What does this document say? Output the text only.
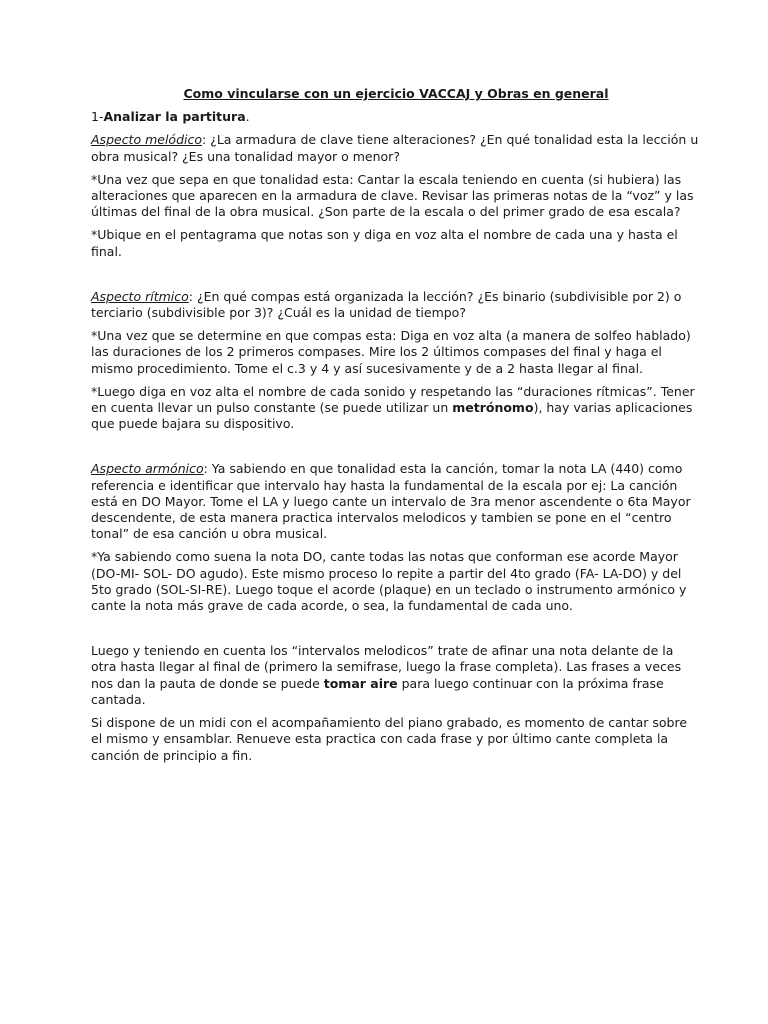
Como vincularse con un ejercicio VACCAJ y Obras en general

1-Analizar la partitura.

Aspecto melódico: ¿La armadura de clave tiene alteraciones? ¿En qué tonalidad esta la lección u obra musical? ¿Es una tonalidad mayor o menor?

*Una vez que sepa en que tonalidad esta: Cantar la escala teniendo en cuenta (si hubiera) las alteraciones que aparecen en la armadura de clave. Revisar las primeras notas de la “voz” y las últimas del final de la obra musical. ¿Son parte de la escala o del primer grado de esa escala?

*Ubique en el pentagrama que notas son y diga en voz alta el nombre de cada una y hasta el final.

Aspecto rítmico: ¿En qué compas está organizada la lección? ¿Es binario (subdivisible por 2) o terciario (subdivisible por 3)? ¿Cuál es la unidad de tiempo?

*Una vez que se determine en que compas esta: Diga en voz alta (a manera de solfeo hablado) las duraciones de los 2 primeros compases. Mire los 2 últimos compases del final y haga el mismo procedimiento. Tome el c.3 y 4 y así sucesivamente y de a 2 hasta llegar al final.

*Luego diga en voz alta el nombre de cada sonido y respetando las “duraciones rítmicas”. Tener en cuenta llevar un pulso constante (se puede utilizar un metrónomo), hay varias aplicaciones que puede bajara su dispositivo.

Aspecto armónico: Ya sabiendo en que tonalidad esta la canción, tomar la nota LA (440) como referencia e identificar que intervalo hay hasta la fundamental de la escala por ej: La canción está en DO Mayor. Tome el LA y luego cante un intervalo de 3ra menor ascendente o 6ta Mayor descendente, de esta manera practica intervalos melodicos y tambien se pone en el “centro tonal” de esa canción u obra musical.

*Ya sabiendo como suena la nota DO, cante todas las notas que conforman ese acorde Mayor (DO-MI- SOL- DO agudo). Este mismo proceso lo repite a partir del 4to grado (FA- LA-DO) y del 5to grado (SOL-SI-RE). Luego toque el acorde (plaque) en un teclado o instrumento armónico y cante la nota más grave de cada acorde, o sea, la fundamental de cada uno.

Luego y teniendo en cuenta los “intervalos melodicos” trate de afinar una nota delante de la otra hasta llegar al final de (primero la semifrase, luego la frase completa). Las frases a veces nos dan la pauta de donde se puede tomar aire para luego continuar con la próxima frase cantada.

Si dispone de un midi con el acompañamiento del piano grabado, es momento de cantar sobre el mismo y ensamblar. Renueve esta practica con cada frase y por último cante completa la canción de principio a fin.
